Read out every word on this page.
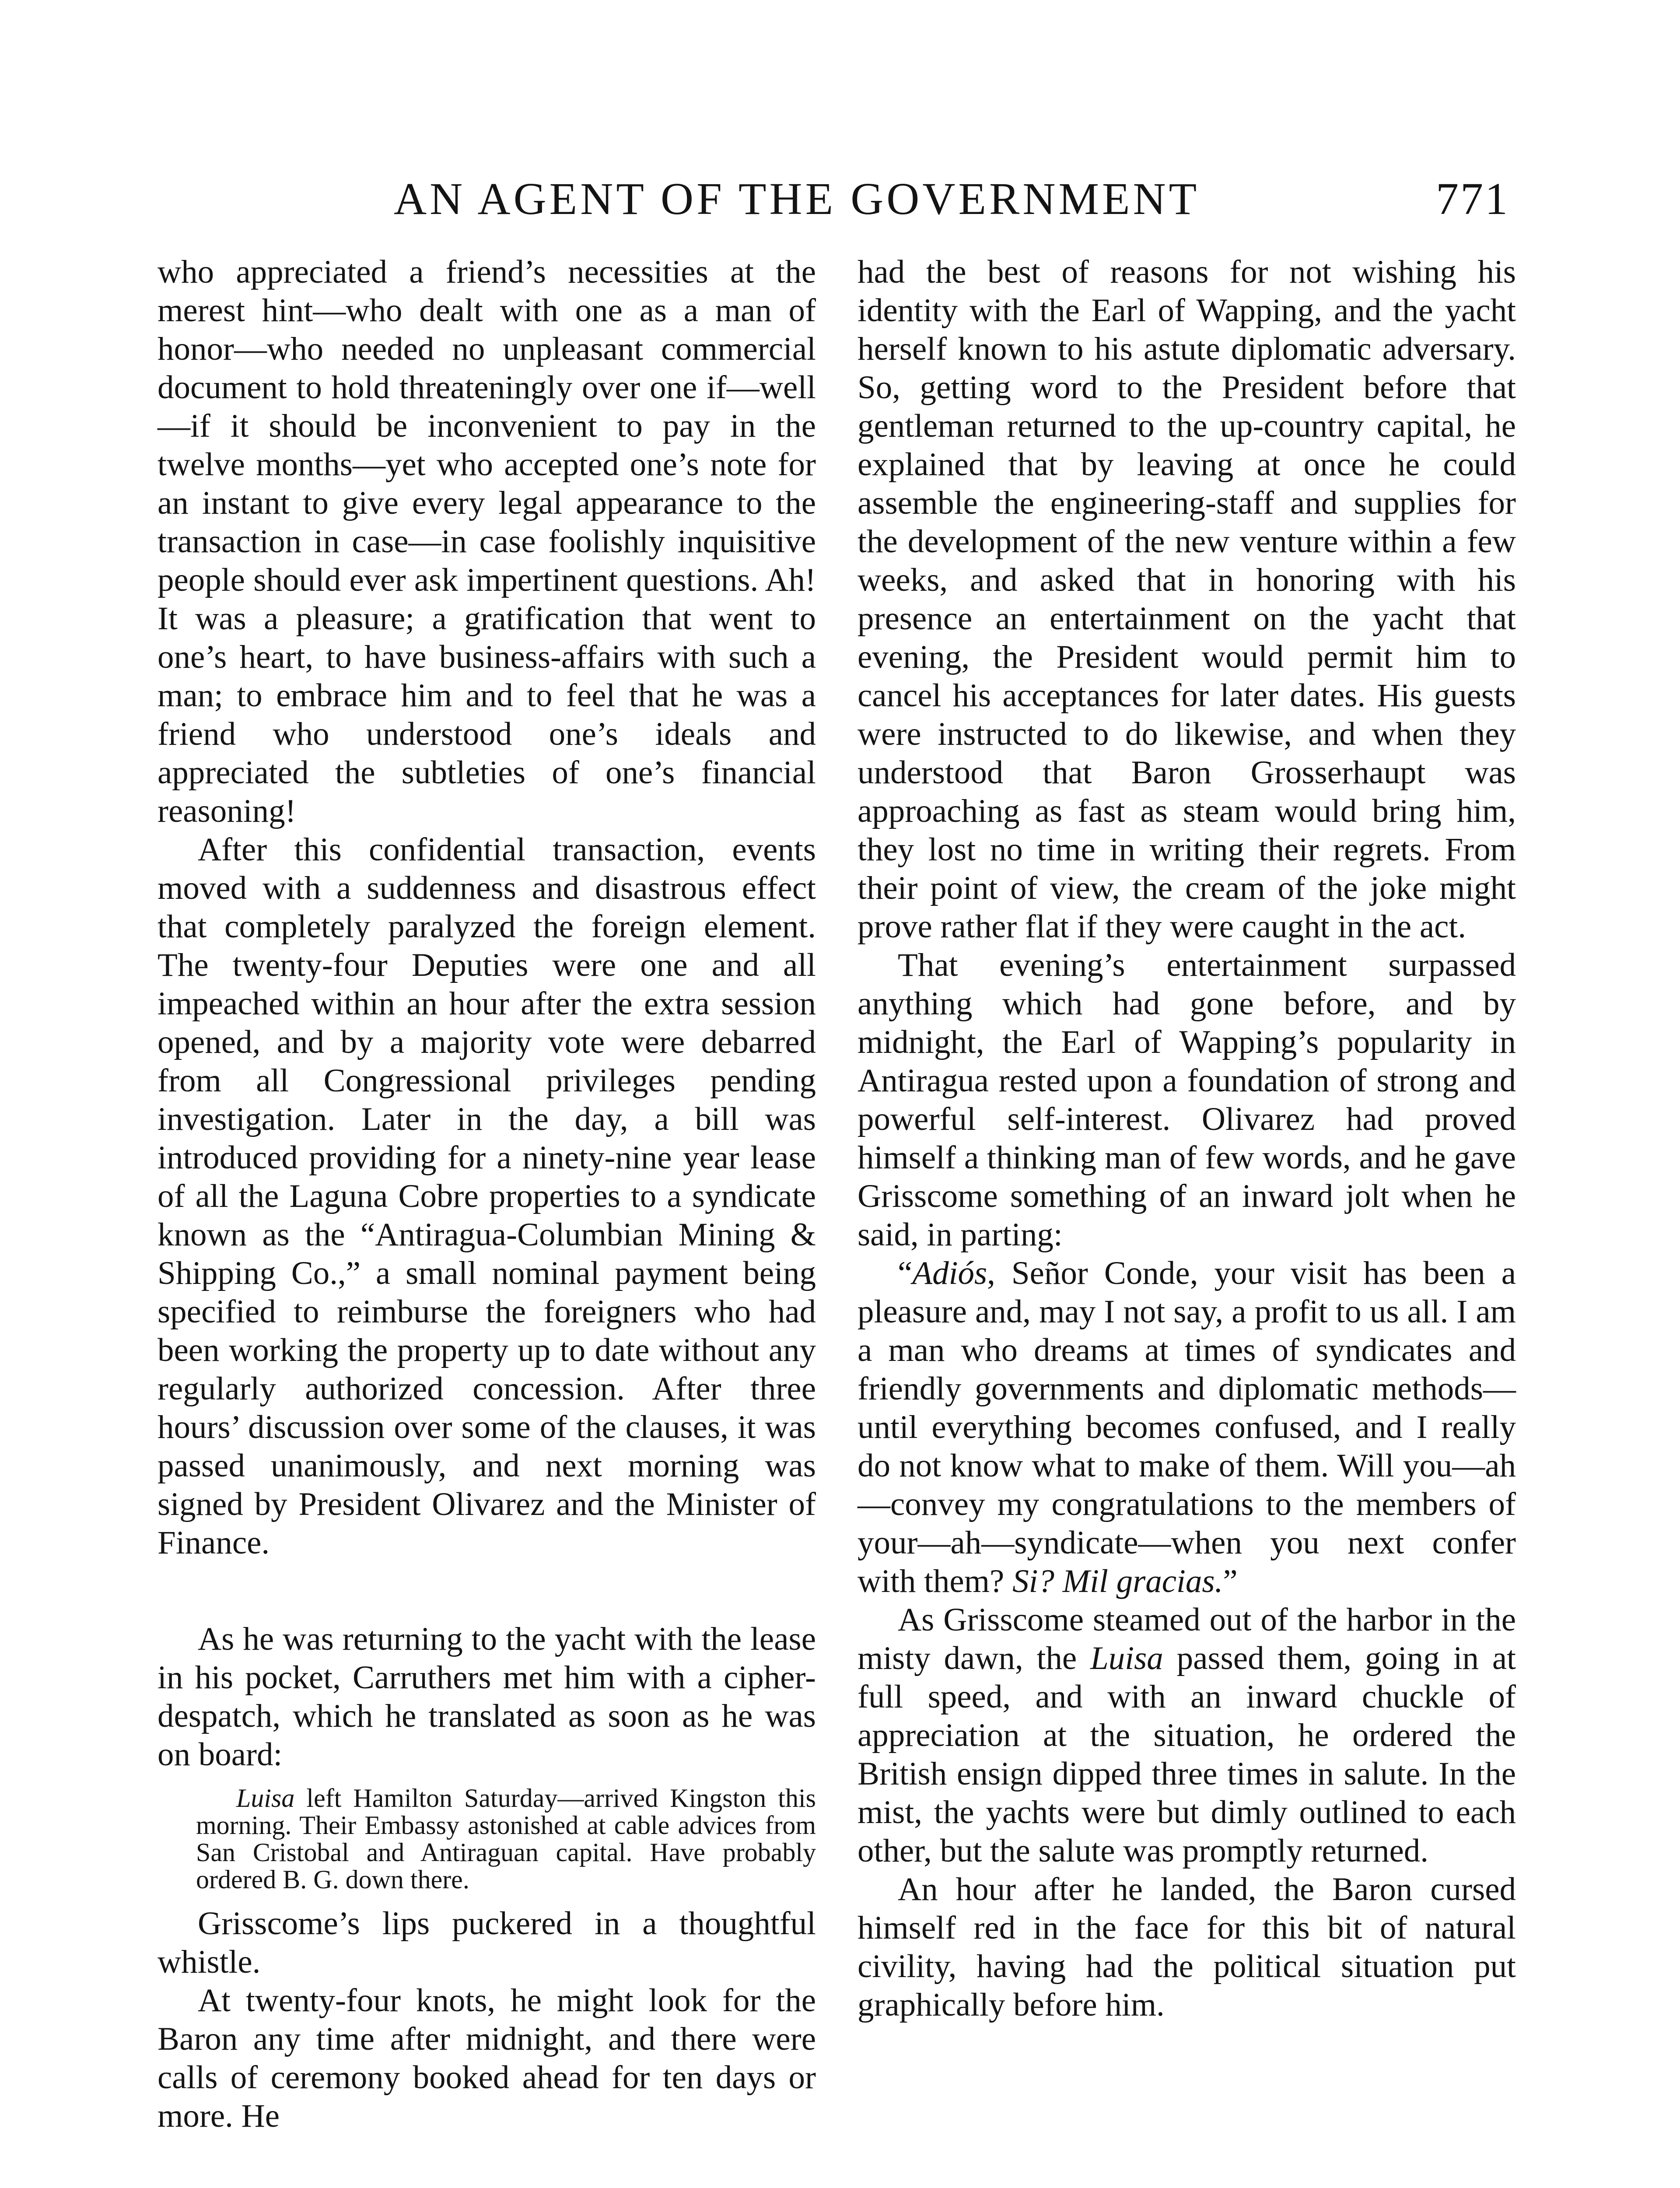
AN AGENT OF THE GOVERNMENT	771

who appreciated a friend’s necessities at the merest hint—who dealt with one as a man of honor—who needed no unpleasant commercial document to hold threateningly over one if—well—if it should be inconvenient to pay in the twelve months—yet who accepted one’s note for an instant to give every legal appearance to the transaction in case—in case foolishly inquisitive people should ever ask impertinent questions. Ah! It was a pleasure; a gratification that went to one’s heart, to have business-affairs with such a man; to embrace him and to feel that he was a friend who understood one’s ideals and appreciated the subtleties of one’s financial reasoning!

After this confidential transaction, events moved with a suddenness and disastrous effect that completely paralyzed the foreign element. The twenty-four Deputies were one and all impeached within an hour after the extra session opened, and by a majority vote were debarred from all Congressional privileges pending investigation. Later in the day, a bill was introduced providing for a ninety-nine year lease of all the Laguna Cobre properties to a syndicate known as the “Antiragua-Columbian Mining & Shipping Co.,” a small nominal payment being specified to reimburse the foreigners who had been working the property up to date without any regularly authorized concession. After three hours’ discussion over some of the clauses, it was passed unanimously, and next morning was signed by President Olivarez and the Minister of Finance.

As he was returning to the yacht with the lease in his pocket, Carruthers met him with a cipher-despatch, which he translated as soon as he was on board:

Luisa left Hamilton Saturday—arrived Kingston this morning. Their Embassy astonished at cable advices from San Cristobal and Antiraguan capital. Have probably ordered B. G. down there.

Grisscome’s lips puckered in a thoughtful whistle.

At twenty-four knots, he might look for the Baron any time after midnight, and there were calls of ceremony booked ahead for ten days or more. He

had the best of reasons for not wishing his identity with the Earl of Wapping, and the yacht herself known to his astute diplomatic adversary. So, getting word to the President before that gentleman returned to the up-country capital, he explained that by leaving at once he could assemble the engineering-staff and supplies for the development of the new venture within a few weeks, and asked that in honoring with his presence an entertainment on the yacht that evening, the President would permit him to cancel his acceptances for later dates. His guests were instructed to do likewise, and when they understood that Baron Grosserhaupt was approaching as fast as steam would bring him, they lost no time in writing their regrets. From their point of view, the cream of the joke might prove rather flat if they were caught in the act.

That evening’s entertainment surpassed anything which had gone before, and by midnight, the Earl of Wapping’s popularity in Antiragua rested upon a foundation of strong and powerful self-interest. Olivarez had proved himself a thinking man of few words, and he gave Grisscome something of an inward jolt when he said, in parting:

“Adiós, Señor Conde, your visit has been a pleasure and, may I not say, a profit to us all. I am a man who dreams at times of syndicates and friendly governments and diplomatic methods—until everything becomes confused, and I really do not know what to make of them. Will you—ah—convey my congratulations to the members of your—ah—syndicate—when you next confer with them? Si? Mil gracias.”

As Grisscome steamed out of the harbor in the misty dawn, the Luisa passed them, going in at full speed, and with an inward chuckle of appreciation at the situation, he ordered the British ensign dipped three times in salute. In the mist, the yachts were but dimly outlined to each other, but the salute was promptly returned.

An hour after he landed, the Baron cursed himself red in the face for this bit of natural civility, having had the political situation put graphically before him.
